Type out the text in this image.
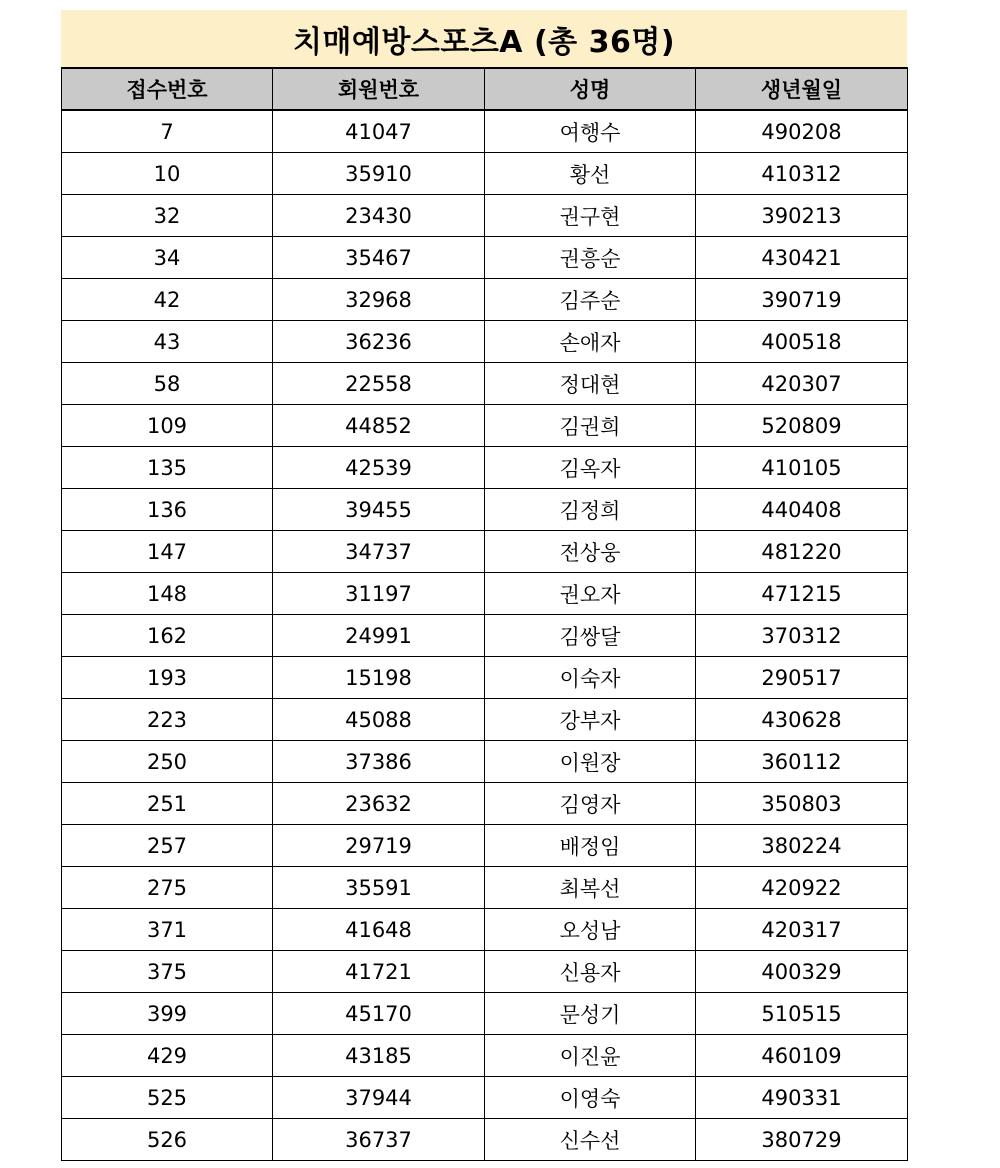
치매예방스포츠A (총 36명)
접수번호	회원번호	성명	생년월일
7	41047	여행수	490208
10	35910	황선	410312
32	23430	권구현	390213
34	35467	권흥순	430421
42	32968	김주순	390719
43	36236	손애자	400518
58	22558	정대현	420307
109	44852	김권희	520809
135	42539	김옥자	410105
136	39455	김정희	440408
147	34737	전상웅	481220
148	31197	권오자	471215
162	24991	김쌍달	370312
193	15198	이숙자	290517
223	45088	강부자	430628
250	37386	이원장	360112
251	23632	김영자	350803
257	29719	배정임	380224
275	35591	최복선	420922
371	41648	오성남	420317
375	41721	신용자	400329
399	45170	문성기	510515
429	43185	이진윤	460109
525	37944	이영숙	490331
526	36737	신수선	380729
